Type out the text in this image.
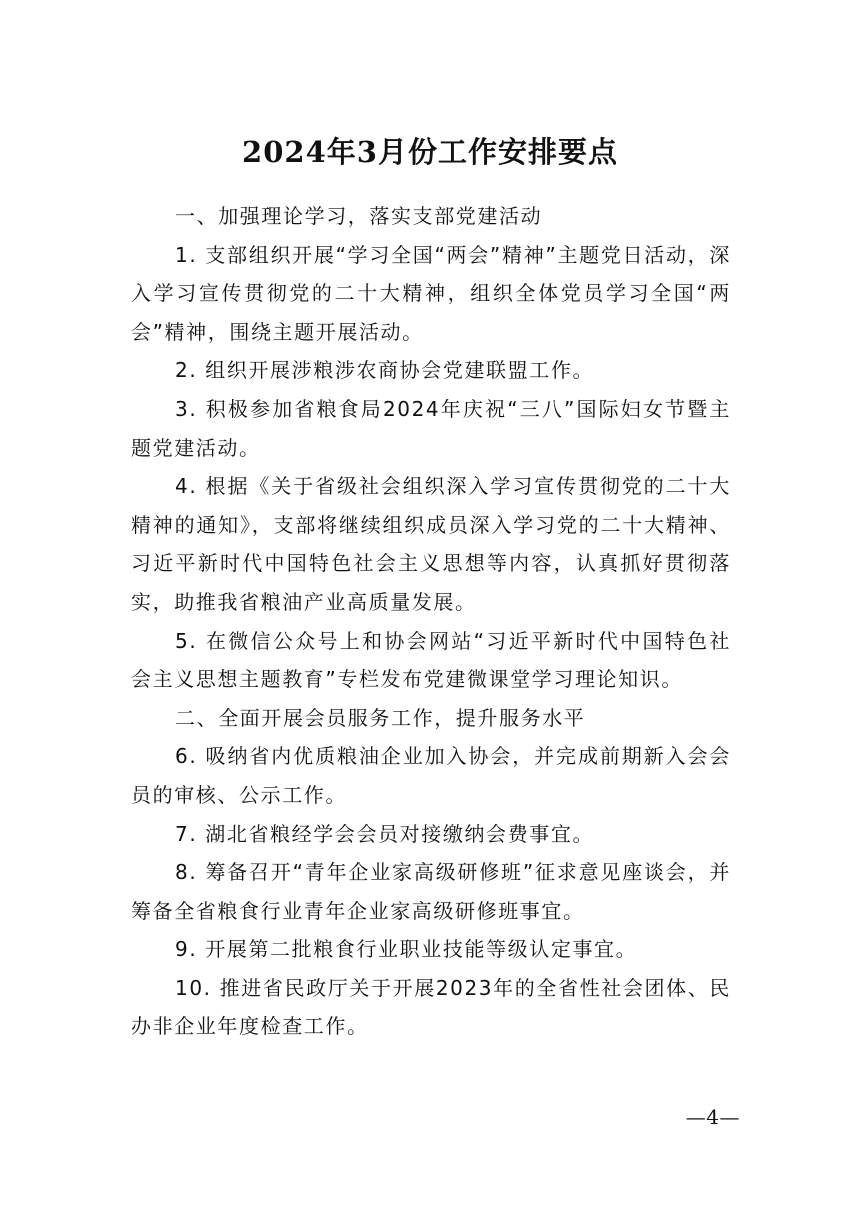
2024年3月份工作安排要点

一、加强理论学习，落实支部党建活动

1. 支部组织开展“学习全国“两会”精神”主题党日活动，深入学习宣传贯彻党的二十大精神，组织全体党员学习全国“两会”精神，围绕主题开展活动。

2. 组织开展涉粮涉农商协会党建联盟工作。

3. 积极参加省粮食局2024年庆祝“三八”国际妇女节暨主题党建活动。

4. 根据《关于省级社会组织深入学习宣传贯彻党的二十大精神的通知》，支部将继续组织成员深入学习党的二十大精神、习近平新时代中国特色社会主义思想等内容，认真抓好贯彻落实，助推我省粮油产业高质量发展。

5. 在微信公众号上和协会网站“习近平新时代中国特色社会主义思想主题教育”专栏发布党建微课堂学习理论知识。

二、全面开展会员服务工作，提升服务水平

6. 吸纳省内优质粮油企业加入协会，并完成前期新入会会员的审核、公示工作。

7. 湖北省粮经学会会员对接缴纳会费事宜。

8. 筹备召开“青年企业家高级研修班”征求意见座谈会，并筹备全省粮食行业青年企业家高级研修班事宜。

9. 开展第二批粮食行业职业技能等级认定事宜。

10. 推进省民政厅关于开展2023年的全省性社会团体、民办非企业年度检查工作。

—4—
